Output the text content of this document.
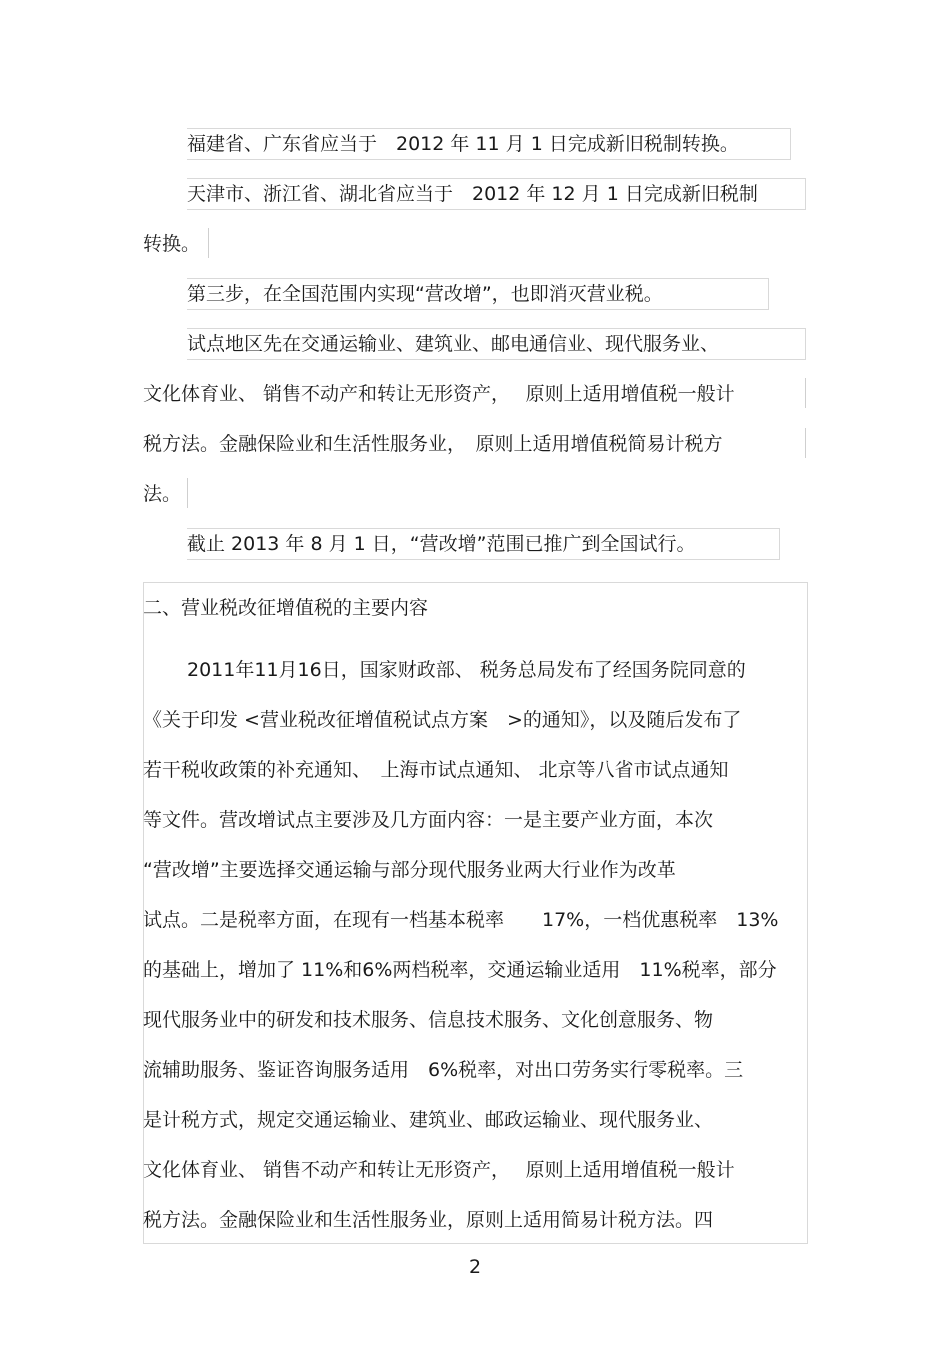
福建省、广东省应当于　2012 年 11 月 1 日完成新旧税制转换。
天津市、浙江省、湖北省应当于　2012 年 12 月 1 日完成新旧税制
转换。
第三步，在全国范围内实现“营改增”，也即消灭营业税。
试点地区先在交通运输业、建筑业、邮电通信业、现代服务业、
文化体育业、 销售不动产和转让无形资产，　 原则上适用增值税一般计
税方法。金融保险业和生活性服务业，　原则上适用增值税简易计税方
法。
截止 2013 年 8 月 1 日，“营改增”范围已推广到全国试行。
二、营业税改征增值税的主要内容
2011年11月16日，国家财政部、 税务总局发布了经国务院同意的
《关于印发 <营业税改征增值税试点方案　>的通知》，以及随后发布了
若干税收政策的补充通知、　上海市试点通知、 北京等八省市试点通知
等文件。营改增试点主要涉及几方面内容：一是主要产业方面，本次
“营改增”主要选择交通运输与部分现代服务业两大行业作为改革
试点。二是税率方面，在现有一档基本税率　　17%，一档优惠税率　13%
的基础上，增加了 11%和6%两档税率，交通运输业适用　11%税率，部分
现代服务业中的研发和技术服务、信息技术服务、文化创意服务、物
流辅助服务、鉴证咨询服务适用　6%税率，对出口劳务实行零税率。三
是计税方式，规定交通运输业、建筑业、邮政运输业、现代服务业、
文化体育业、 销售不动产和转让无形资产，　 原则上适用增值税一般计
税方法。金融保险业和生活性服务业，原则上适用简易计税方法。四
2
